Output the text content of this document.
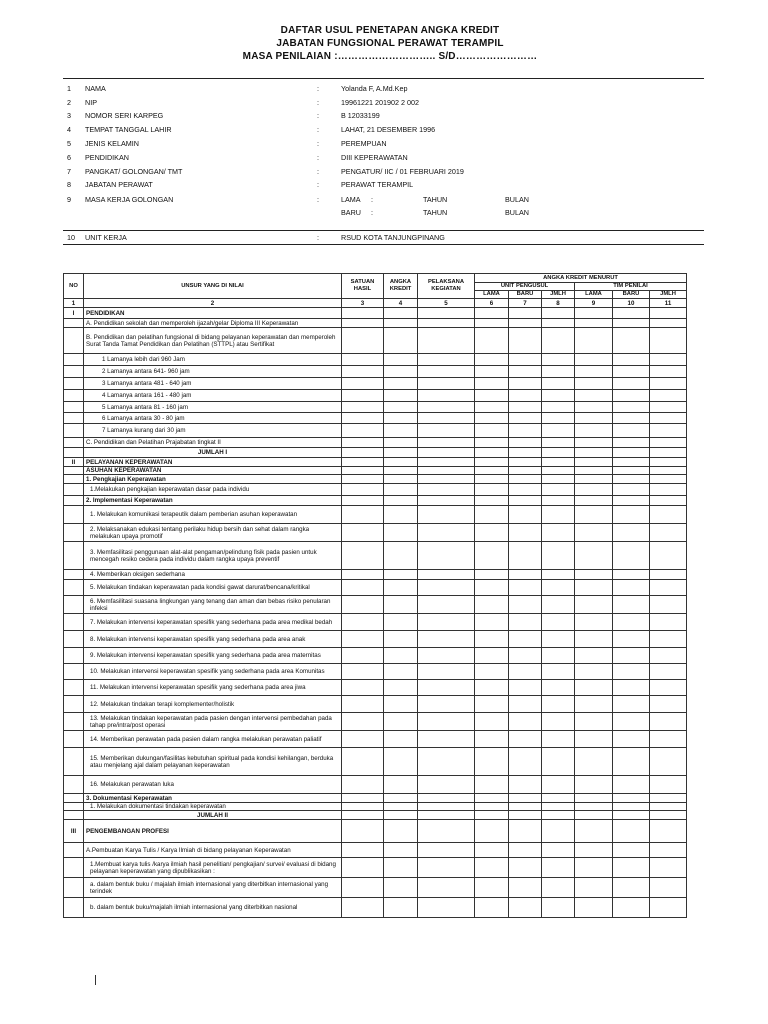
DAFTAR USUL PENETAPAN ANGKA KREDIT
JABATAN FUNGSIONAL PERAWAT TERAMPIL
MASA PENILAIAN :……………………….. S/D……………………
1 NAMA	:	Yolanda F, A.Md.Kep
2 NIP	:	19961221 201902 2 002
3 NOMOR SERI KARPEG	:	B 12033199
4 TEMPAT TANGGAL LAHIR	:	LAHAT, 21 DESEMBER 1996
5 JENIS KELAMIN	:	PEREMPUAN
6 PENDIDIKAN	:	DIII KEPERAWATAN
7 PANGKAT/ GOLONGAN/ TMT	:	PENGATUR/ IIC / 01 FEBRUARI 2019
8 JABATAN PERAWAT	:	PERAWAT TERAMPIL
9 MASA KERJA GOLONGAN	:	LAMA :	TAHUN	BULAN
BARU :	TAHUN	BULAN
10 UNIT KERJA	:	RSUD KOTA TANJUNGPINANG
NO	UNSUR YANG DI NILAI	SATUAN HASIL	ANGKA KREDIT	PELAKSANA KEGIATAN	ANGKA KREDIT MENURUT					
					UNIT PENGUSUL			TIM PENILAI		
					LAMA	BARU	JMLH	LAMA	BARU	JMLH
1	2	3	4	5	6	7	8	9	10	11
I	PENDIDIKAN									
	A. Pendidikan sekolah dan memperoleh ijazah/gelar Diploma III Keperawatan									
	B. Pendidikan dan pelatihan fungsional di bidang pelayanan keperawatan dan memperoleh Surat Tanda Tamat Pendidikan dan Pelatihan (STTPL) atau Sertifikat									
	1 Lamanya lebih dari 960 Jam									
	2 Lamanya antara 641- 960 jam									
	3 Lamanya antara 481 - 640 jam									
	4 Lamanya antara 161 - 480 jam									
	5 Lamanya antara 81 - 160 jam									
	6 Lamanya antara 30 - 80 jam									
	7 Lamanya kurang dari 30 jam									
	C. Pendidikan dan Pelatihan Prajabatan tingkat II									
	JUMLAH I									
II	PELAYANAN KEPERAWATAN									
	ASUHAN KEPERAWATAN									
	1. Pengkajian Keperawatan									
	1.Melakukan pengkajian keperawatan dasar pada individu									
	2. Implementasi Keperawatan									
	1. Melakukan komunikasi terapeutik dalam pemberian asuhan keperawatan									
	2. Melaksanakan edukasi tentang perilaku hidup bersih dan sehat dalam rangka melakukan upaya promotif									
	3. Memfasilitasi penggunaan alat-alat pengaman/pelindung fisik pada pasien untuk mencegah resiko cedera pada individu dalam rangka upaya preventif									
	4. Memberikan oksigen sederhana									
	5. Melakukan tindakan keperawatan pada kondisi gawat darurat/bencana/kritikal									
	6. Memfasilitasi suasana lingkungan yang tenang dan aman dan bebas risiko penularan infeksi									
	7. Melakukan intervensi keperawatan spesifik yang sederhana pada area medikal bedah									
	8. Melakukan intervensi keperawatan spesifik yang sederhana pada area anak									
	9. Melakukan intervensi keperawatan spesifik yang sederhana pada area maternitas									
	10. Melakukan intervensi keperawatan spesifik yang sederhana pada area Komunitas									
	11. Melakukan intervensi keperawatan spesifik yang sederhana pada area jiwa									
	12. Melakukan tindakan terapi komplementer/holistik									
	13. Melakukan tindakan keperawatan pada pasien dengan intervensi pembedahan pada tahap pre/intra/post operasi									
	14. Memberikan perawatan pada pasien dalam rangka melakukan perawatan paliatif									
	15. Memberikan dukungan/fasilitas kebutuhan spiritual pada kondisi kehilangan, berduka atau menjelang ajal dalam pelayanan keperawatan									
	16. Melakukan perawatan luka									
	3. Dokumentasi Keperawatan									
	1. Melakukan dokumentasi tindakan keperawatan									
	JUMLAH II									
III	PENGEMBANGAN PROFESI									
	A.Pembuatan Karya Tulis / Karya Ilmiah di bidang pelayanan Keperawatan									
	1.Membuat karya tulis /karya ilmiah hasil penelitian/ pengkajian/ survei/ evaluasi di bidang pelayanan keperawatan yang dipublikasikan :									
	a. dalam bentuk buku / majalah ilmiah internasional yang diterbitkan internasional yang terindek									
	b. dalam bentuk buku/majalah ilmiah internasional yang diterbitkan nasional									
